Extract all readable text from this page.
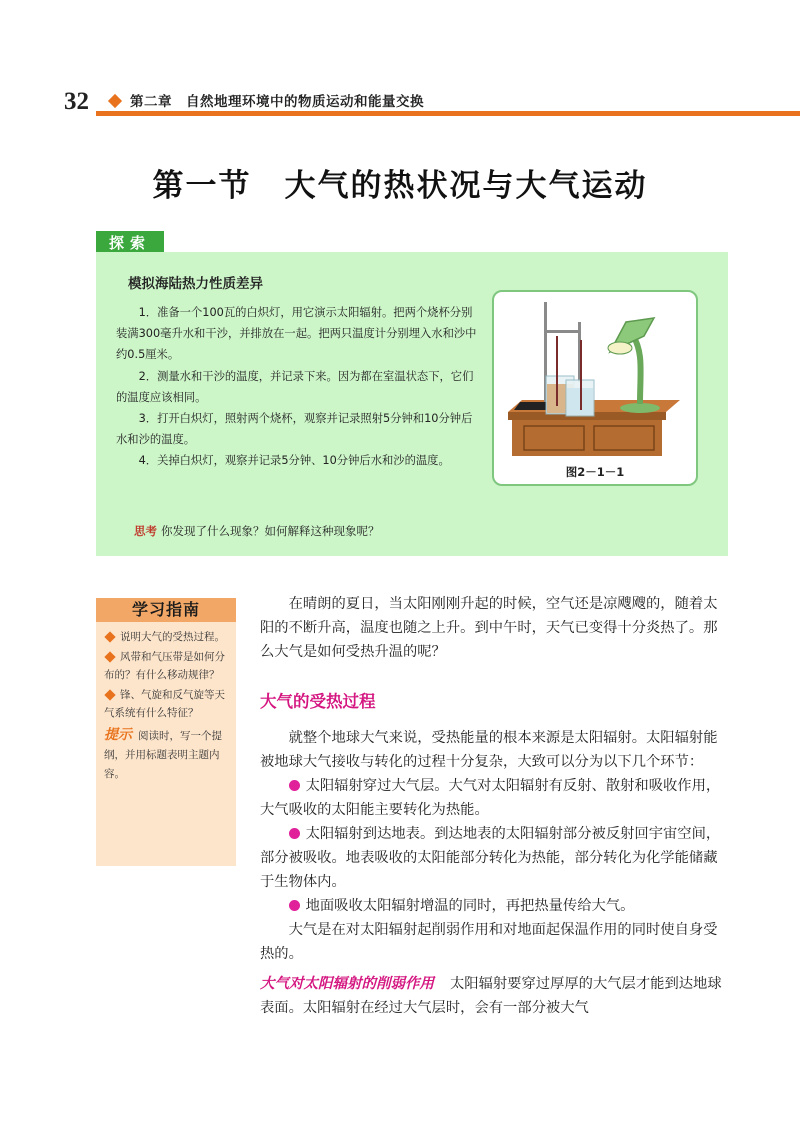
32	第二章　自然地理环境中的物质运动和能量交换
第一节　大气的热状况与大气运动
探索
模拟海陆热力性质差异

1．准备一个100瓦的白炽灯，用它演示太阳辐射。把两个烧杯分别装满300毫升水和干沙，并排放在一起。把两只温度计分别埋入水和沙中约0.5厘米。

2．测量水和干沙的温度，并记录下来。因为都在室温状态下，它们的温度应该相同。

3．打开白炽灯，照射两个烧杯，观察并记录照射5分钟和10分钟后水和沙的温度。

4．关掉白炽灯，观察并记录5分钟、10分钟后水和沙的温度。

图2－1－1
思考 你发现了什么现象？如何解释这种现象呢？
学习指南
说明大气的受热过程。
风带和气压带是如何分布的？有什么移动规律？
锋、气旋和反气旋等天气系统有什么特征？
提示 阅读时，写一个提纲，并用标题表明主题内容。

在晴朗的夏日，当太阳刚刚升起的时候，空气还是凉飕飕的，随着太阳的不断升高，温度也随之上升。到中午时，天气已变得十分炎热了。那么大气是如何受热升温的呢？

大气的受热过程

就整个地球大气来说，受热能量的根本来源是太阳辐射。太阳辐射能被地球大气接收与转化的过程十分复杂，大致可以分为以下几个环节：

太阳辐射穿过大气层。大气对太阳辐射有反射、散射和吸收作用，大气吸收的太阳能主要转化为热能。

太阳辐射到达地表。到达地表的太阳辐射部分被反射回宇宙空间，部分被吸收。地表吸收的太阳能部分转化为热能，部分转化为化学能储藏于生物体内。

地面吸收太阳辐射增温的同时，再把热量传给大气。

大气是在对太阳辐射起削弱作用和对地面起保温作用的同时使自身受热的。

大气对太阳辐射的削弱作用 太阳辐射要穿过厚厚的大气层才能到达地球表面。太阳辐射在经过大气层时，会有一部分被大气
